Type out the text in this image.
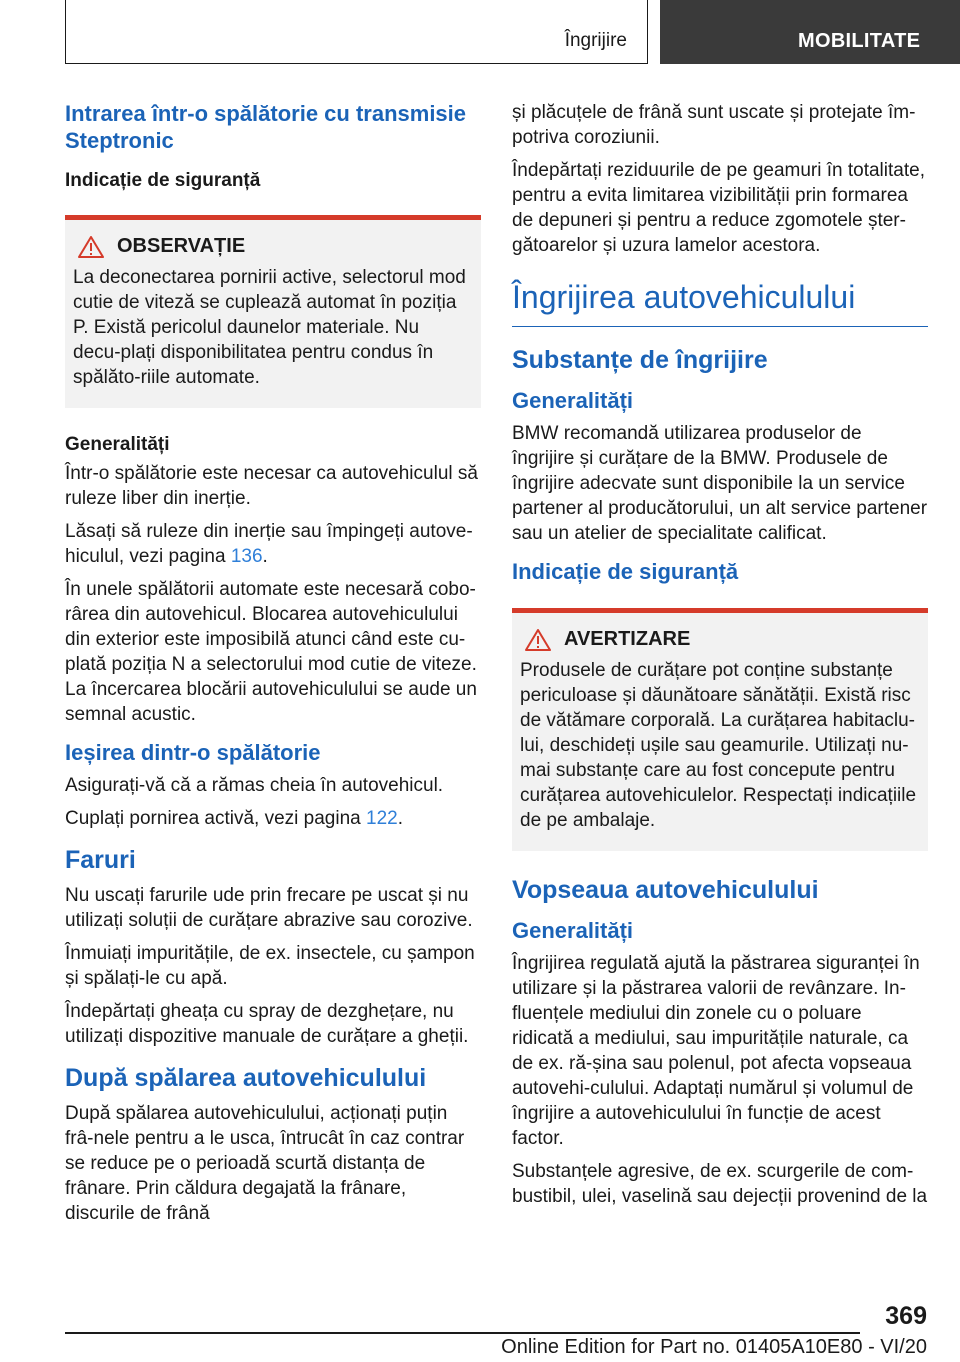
Îngrijire	MOBILITATE
Intrarea într-o spălătorie cu transmisie Steptronic
Indicație de siguranță
OBSERVAȚIE

La deconectarea pornirii active, selectorul mod cutie de viteză se cuplează automat în poziția P. Există pericolul daunelor materiale. Nu decu-plați disponibilitatea pentru condus în spălăto-riile automate.

Generalități

Într-o spălătorie este necesar ca autovehiculul să ruleze liber din inerție.

Lăsați să ruleze din inerție sau împingeți autove-hiculul, vezi pagina 136.

În unele spălătorii automate este necesară cobo-rârea din autovehicul. Blocarea autovehiculului din exterior este imposibilă atunci când este cu-plată poziția N a selectorului mod cutie de viteze. La încercarea blocării autovehiculului se aude un semnal acustic.

Ieșirea dintr-o spălătorie

Asigurați-vă că a rămas cheia în autovehicul.

Cuplați pornirea activă, vezi pagina 122.

Faruri

Nu uscați farurile ude prin frecare pe uscat și nu utilizați soluții de curățare abrazive sau corozive.

Înmuiați impuritățile, de ex. insectele, cu șampon și spălați-le cu apă.

Îndepărtați gheața cu spray de dezghețare, nu utilizați dispozitive manuale de curățare a gheții.

După spălarea autovehiculului

După spălarea autovehiculului, acționați puțin frâ-nele pentru a le usca, întrucât în caz contrar se reduce pe o perioadă scurtă distanța de frânare. Prin căldura degajată la frânare, discurile de frână

și plăcuțele de frână sunt uscate și protejate îm-potriva coroziunii.

Îndepărtați reziduurile de pe geamuri în totalitate, pentru a evita limitarea vizibilității prin formarea de depuneri și pentru a reduce zgomotele șter-gătoarelor și uzura lamelor acestora.

Îngrijirea autovehiculului
Substanțe de îngrijire
Generalități

BMW recomandă utilizarea produselor de îngrijire și curățare de la BMW. Produsele de îngrijire adecvate sunt disponibile la un service partener al producătorului, un alt service partener sau un atelier de specialitate calificat.

Indicație de siguranță
AVERTIZARE

Produsele de curățare pot conține substanțe periculoase și dăunătoare sănătății. Există risc de vătămare corporală. La curățarea habitaclu-lui, deschideți ușile sau geamurile. Utilizați nu-mai substanțe care au fost concepute pentru curățarea autovehiculelor. Respectați indicațiile de pe ambalaje.

Vopseaua autovehiculului
Generalități

Îngrijirea regulată ajută la păstrarea siguranței în utilizare și la păstrarea valorii de revânzare. In-fluențele mediului din zonele cu o poluare ridicată a mediului, sau impuritățile naturale, ca de ex. ră-șina sau polenul, pot afecta vopseaua autovehi-culului. Adaptați numărul și volumul de îngrijire a autovehiculului în funcție de acest factor.

Substanțele agresive, de ex. scurgerile de com-bustibil, ulei, vaselină sau dejecții provenind de la

369
Online Edition for Part no. 01405A10E80 - VI/20
